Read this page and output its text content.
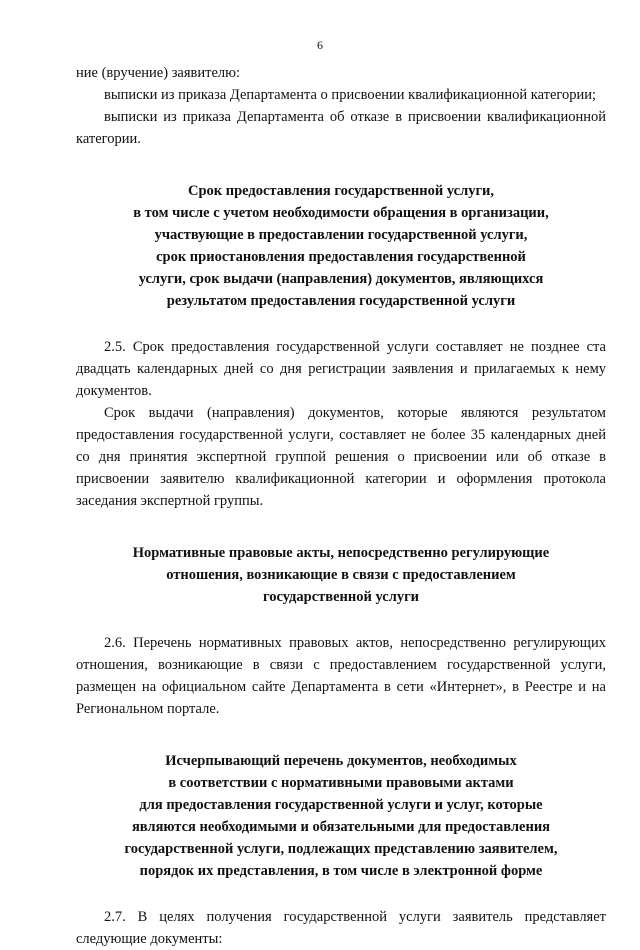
6

ние (вручение) заявителю:

выписки из приказа Департамента о присвоении квалификационной категории;

выписки из приказа Департамента об отказе в присвоении квалификационной категории.

Срок предоставления государственной услуги,
в том числе с учетом необходимости обращения в организации,
участвующие в предоставлении государственной услуги,
срок приостановления предоставления государственной
услуги, срок выдачи (направления) документов, являющихся
результатом предоставления государственной услуги

2.5. Срок предоставления государственной услуги составляет не позднее ста двадцать календарных дней со дня регистрации заявления и прилагаемых к нему документов.

Срок выдачи (направления) документов, которые являются результатом предоставления государственной услуги, составляет не более 35 календарных дней со дня принятия экспертной группой решения о присвоении или об отказе в присвоении заявителю квалификационной категории и оформления протокола заседания экспертной группы.

Нормативные правовые акты, непосредственно регулирующие
отношения, возникающие в связи с предоставлением
государственной услуги

2.6. Перечень нормативных правовых актов, непосредственно регулирующих отношения, возникающие в связи с предоставлением государственной услуги, размещен на официальном сайте Департамента в сети «Интернет», в Реестре и на Региональном портале.

Исчерпывающий перечень документов, необходимых
в соответствии с нормативными правовыми актами
для предоставления государственной услуги и услуг, которые
являются необходимыми и обязательными для предоставления
государственной услуги, подлежащих представлению заявителем,
порядок их представления, в том числе в электронной форме

2.7. В целях получения государственной услуги заявитель представляет следующие документы:
